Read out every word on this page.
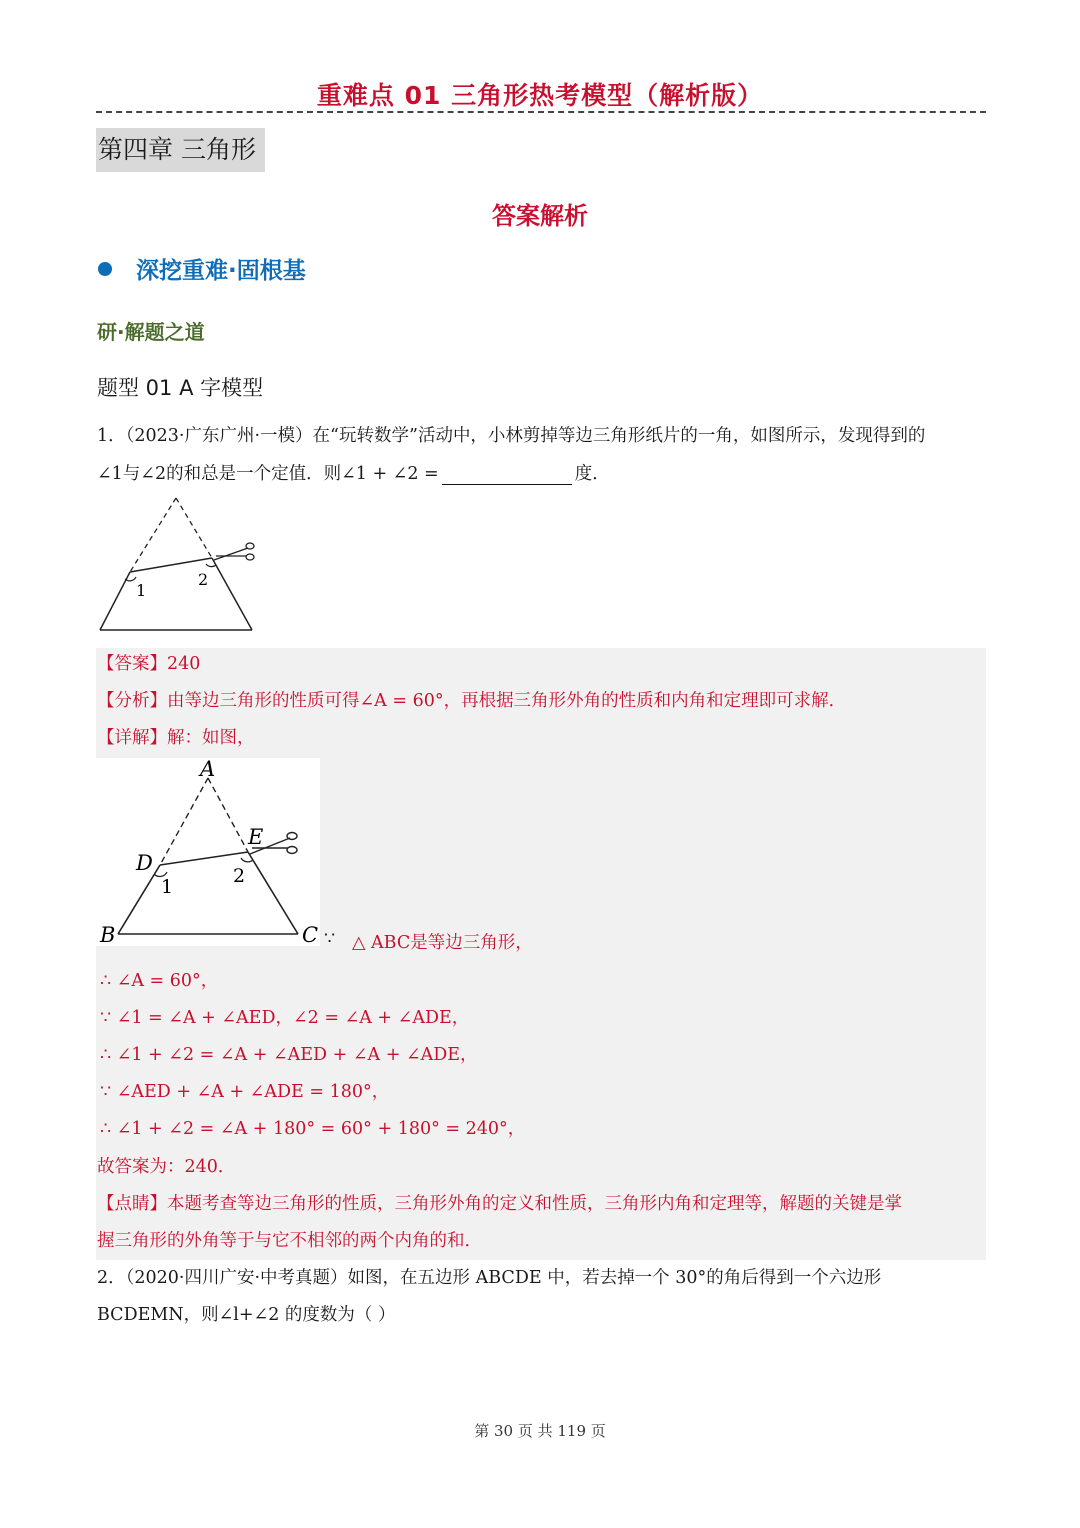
重难点 01 三角形热考模型（解析版）
第四章 三角形
答案解析
深挖重难·固根基
研·解题之道
题型 01 A 字模型
1．（2023·广东广州·一模）在“玩转数学”活动中，小林剪掉等边三角形纸片的一角，如图所示，发现得到的
∠1与∠2的和总是一个定值．则∠1 + ∠2 =	度．
1
2
【答案】240
【分析】由等边三角形的性质可得∠A = 60°，再根据三角形外角的性质和内角和定理即可求解．
【详解】解：如图，
A
D
E
B	C
1	2
∵ △ ABC是等边三角形，
∴ ∠A = 60°，
∵ ∠1 = ∠A + ∠AED，∠2 = ∠A + ∠ADE，
∴ ∠1 + ∠2 = ∠A + ∠AED + ∠A + ∠ADE，
∵ ∠AED + ∠A + ∠ADE = 180°，
∴ ∠1 + ∠2 = ∠A + 180° = 60° + 180° = 240°，
故答案为：240．
【点睛】本题考查等边三角形的性质，三角形外角的定义和性质，三角形内角和定理等，解题的关键是掌
握三角形的外角等于与它不相邻的两个内角的和．
2．（2020·四川广安·中考真题）如图，在五边形 ABCDE 中，若去掉一个 30°的角后得到一个六边形
BCDEMN，则∠l+∠2 的度数为（ ）
第 30 页 共 119 页
